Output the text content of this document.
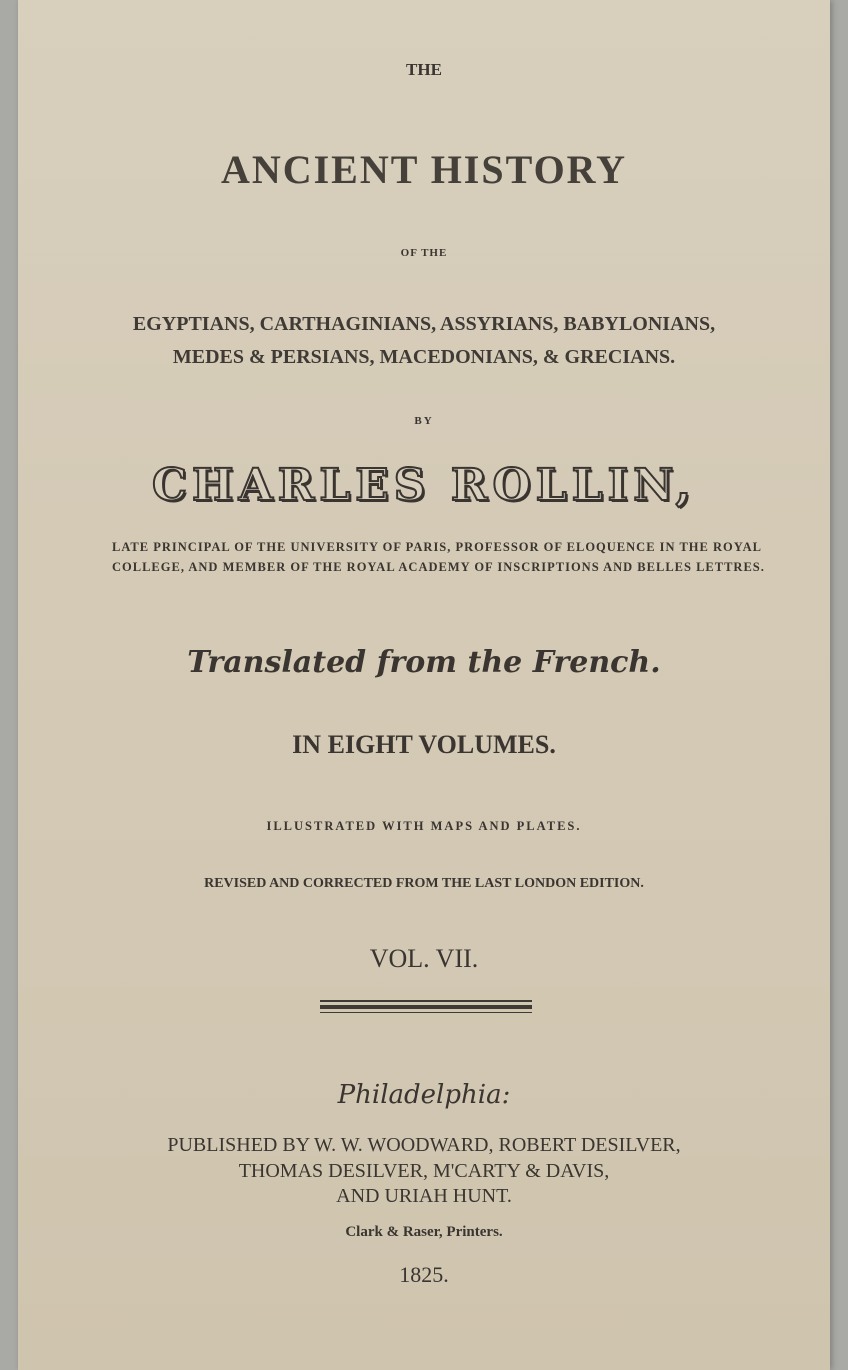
THE
ANCIENT HISTORY
OF THE
EGYPTIANS, CARTHAGINIANS, ASSYRIANS, BABYLONIANS,
MEDES & PERSIANS, MACEDONIANS, & GRECIANS.
BY
CHARLES ROLLIN,
LATE PRINCIPAL OF THE UNIVERSITY OF PARIS, PROFESSOR OF ELOQUENCE IN THE ROYAL COLLEGE, AND MEMBER OF THE ROYAL ACADEMY OF INSCRIPTIONS AND BELLES LETTRES.
Translated from the French.
IN EIGHT VOLUMES.
ILLUSTRATED WITH MAPS AND PLATES.
REVISED AND CORRECTED FROM THE LAST LONDON EDITION.
VOL. VII.
Philadelphia:
PUBLISHED BY W. W. WOODWARD, ROBERT DESILVER,
THOMAS DESILVER, M'CARTY & DAVIS,
AND URIAH HUNT.
Clark & Raser, Printers.
1825.
